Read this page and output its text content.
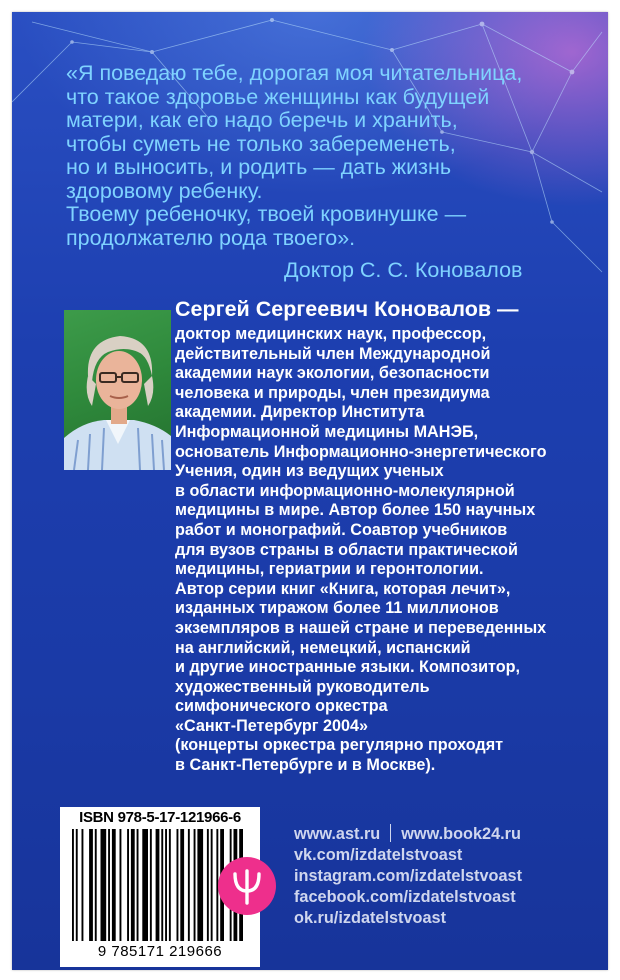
«Я поведаю тебе, дорогая моя читательница,
что такое здоровье женщины как будущей
матери, как его надо беречь и хранить,
чтобы суметь не только забеременеть,
но и выносить, и родить — дать жизнь
здоровому ребенку.
Твоему ребеночку, твоей кровинушке —
продолжателю рода твоего».

Доктор С. С. Коновалов

Сергей Сергеевич Коновалов —

доктор медицинских наук, профессор,
действительный член Международной
академии наук экологии, безопасности
человека и природы, член президиума
академии. Директор Института
Информационной медицины МАНЭБ,
основатель Информационно-энергетического
Учения, один из ведущих ученых
в области информационно-молекулярной
медицины в мире. Автор более 150 научных
работ и монографий. Соавтор учебников
для вузов страны в области практической
медицины, гериатрии и геронтологии.
Автор серии книг «Книга, которая лечит»,
изданных тиражом более 11 миллионов
экземпляров в нашей стране и переведенных
на английский, немецкий, испанский
и другие иностранные языки. Композитор,
художественный руководитель
симфонического оркестра
«Санкт-Петербург 2004»
(концерты оркестра регулярно проходят
в Санкт-Петербурге и в Москве).

ISBN 978-5-17-121966-6
9 785171 219666

www.ast.ru www.book24.ru
vk.com/izdatelstvoast
instagram.com/izdatelstvoast
facebook.com/izdatelstvoast
ok.ru/izdatelstvoast
